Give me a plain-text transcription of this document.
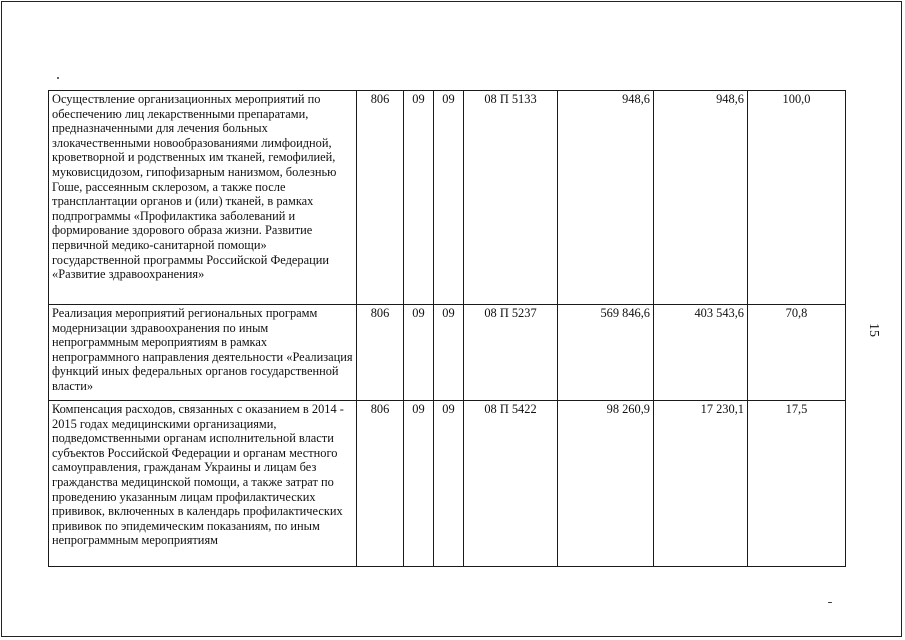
Осуществление организационных мероприятий по обеспечению лиц лекарственными препаратами, предназначенными для лечения больных злокачественными новообразованиями лимфоидной, кроветворной и родственных им тканей, гемофилией, муковисцидозом, гипофизарным нанизмом, болезнью Гоше, рассеянным склерозом, а также после трансплантации органов и (или) тканей, в рамках подпрограммы «Профилактика заболеваний и формирование здорового образа жизни. Развитие первичной медико-санитарной помощи» государственной программы Российской Федерации «Развитие здравоохранения»	806	09	09	08 П 5133	948,6	948,6	100,0
Реализация мероприятий региональных программ модернизации здравоохранения по иным непрограммным мероприятиям в рамках непрограммного направления деятельности «Реализация функций иных федеральных органов государственной власти»	806	09	09	08 П 5237	569 846,6	403 543,6	70,8
Компенсация расходов, связанных с оказанием в 2014 - 2015 годах медицинскими организациями, подведомственными органам исполнительной власти субъектов Российской Федерации и органам местного самоуправления, гражданам Украины и лицам без гражданства медицинской помощи, а также затрат по проведению указанным лицам профилактических прививок, включенных в календарь профилактических прививок по эпидемическим показаниям, по иным непрограммным мероприятиям	806	09	09	08 П 5422	98 260,9	17 230,1	17,5
15
